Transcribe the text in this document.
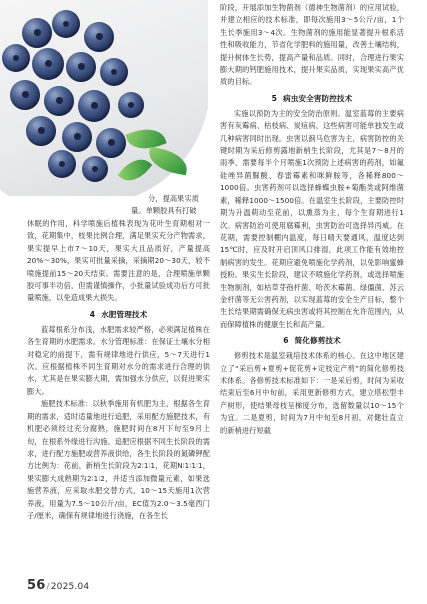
分，提高果实质

量。单颗胶具有打破

休眠的作用，科学喷施后植株表现为花叶生育期相对一致，花期集中，枝果比例合理，满足果实充分产物需求，果实提早上市7～10天，果实大且品质好，产量提高20%～30%，果实可批量采摘，采摘期20～30天，较不喷施提前15～20天结束。需要注意的是，合理喷施单颗胶可事半功倍，但需谨慎操作，小批量试验成功后方可批量喷施，以免造成果大损失。

4 水肥管理技术

蓝莓根系分布浅，水肥需求较严格，必须满足植株在各生育期的水肥需求。水分管理标准：在保证土壤水分相对稳定的前提下，需有规律地进行供应，5～7天进行1次。应根据植株不同生育期对水分的需求进行合理的供水，尤其是在果实膨大期，需加强水分供应，以促进果实膨大。

施肥技术标准：以秋季施用有机肥为主，根据各生育期的需求，适时适量地进行追肥，采用配方施肥技术，有机肥必须经过充分腐熟，施肥时间在8月下旬至9月上旬，在根系外缘进行沟施。追肥应根据不同生长阶段的需求，进行配方施肥或营养液供给，各生长阶段的氮磷钾配方比例为：花前、新梢生长阶段为2∶1∶1，花期N∶1∶1∶1，果实膨大成熟期为2∶1∶2，并适当添加微量元素，如果选施营养液，应采取水肥交替方式，10～15天施用1次营养液，用量为7.5～10公斤/亩，EC值为2.0～3.5毫西门子/厘米，确保有规律地进行浇施，在各生长

阶段，开展添加生物菌剂（德神生物菌剂）的应用试验，并建立相应的技术标准，即每次施用3～5公斤/亩，1个生长季施用3～4次。生物菌剂的施用能显著提升根系活性和吸收能力，节省化学肥料的施用量，改善土壤结构，提升树体生长势，提高产量和品质。同时，合理进行果实膨大期的钙肥施用技术，提升果实品质，实现果实高产优质的目标。

5 病虫安全害防控技术

实施以预防为主的安全防治原则。温室蓝莓的主要病害有灰霉病、枯枝病、炭疽病，这些病害可能单独发生或几种病害同时出现。虫害以蓟马危害为主，病害防控的关键时期为采后修剪露地新梢生长阶段，尤其是7～8月的雨季，需要每半个月喷施1次预防上述病害的药剂，如氟硅唑异菌脲酸、春雷霉素和咪鲜胺等，各稀释800～1000倍。虫害药剂可以选择蜂蝶虫胺+菊酯类或阿维菌素，稀释1000～1500倍。在温室生长阶段，主要防控时期为升温萌动至花前，以熏蒸为主，每个生育期进行1次。病害防治可使用腐霉利，虫害防治可选择异丙威。在花期，需要控制棚内温度，每日晴天要通风，温度达到15℃时，应及时开启顶风口排湿，此项工作能有效地控制病害的发生。花期应避免喷施化学药剂，以免影响蜜蜂授粉。果实生长阶段，建议不喷施化学药剂，或选择喷施生物制剂，如枯草芽孢杆菌、哈茨木霉菌、绿僵菌、苏云金杆菌等无公害药剂，以实现蓝莓的安全生产目标，整个生长结果期需确保无病虫害或将其控制在允许范围内，从而保障植株的健康生长和高产量。

6 简化修剪技术

修剪技术是温室栽培技术体系的核心。在这中地区建立了“采后剪+夏剪+促花剪+定枝定产剪”的简化修剪技术体系。各修剪技术标准如下：一是采后剪，时间为采收结束后至6月中旬前，采用更新修剪方式，建立塔松型丰产树形，使结果母枝呈梯度分布，选留数量以10～15个为宜。二是夏剪，时间为7月中旬至8月初，对健壮直立的新梢进行短截

56/2025.04
